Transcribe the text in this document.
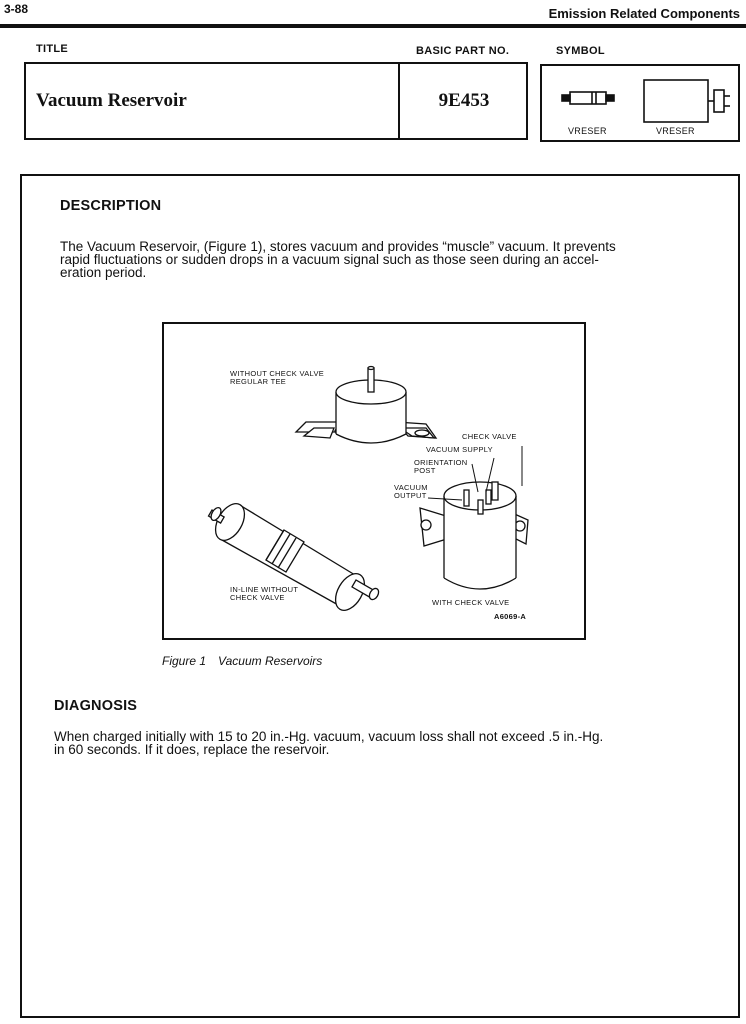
3-88	Emission Related Components
TITLE	BASIC PART NO.	SYMBOL
Vacuum Reservoir	9E453
VRESER	VRESER
DESCRIPTION
The Vacuum Reservoir, (Figure 1), stores vacuum and provides “muscle” vacuum. It prevents
rapid fluctuations or sudden drops in a vacuum signal such as those seen during an accel-
eration period.
WITHOUT CHECK VALVE
REGULAR TEE
CHECK VALVE
VACUUM SUPPLY
ORIENTATION
POST
VACUUM
OUTPUT
IN-LINE WITHOUT
CHECK VALVE
WITH CHECK VALVE
A6069-A
Figure 1 Vacuum Reservoirs
DIAGNOSIS
When charged initially with 15 to 20 in.-Hg. vacuum, vacuum loss shall not exceed .5 in.-Hg.
in 60 seconds. If it does, replace the reservoir.
